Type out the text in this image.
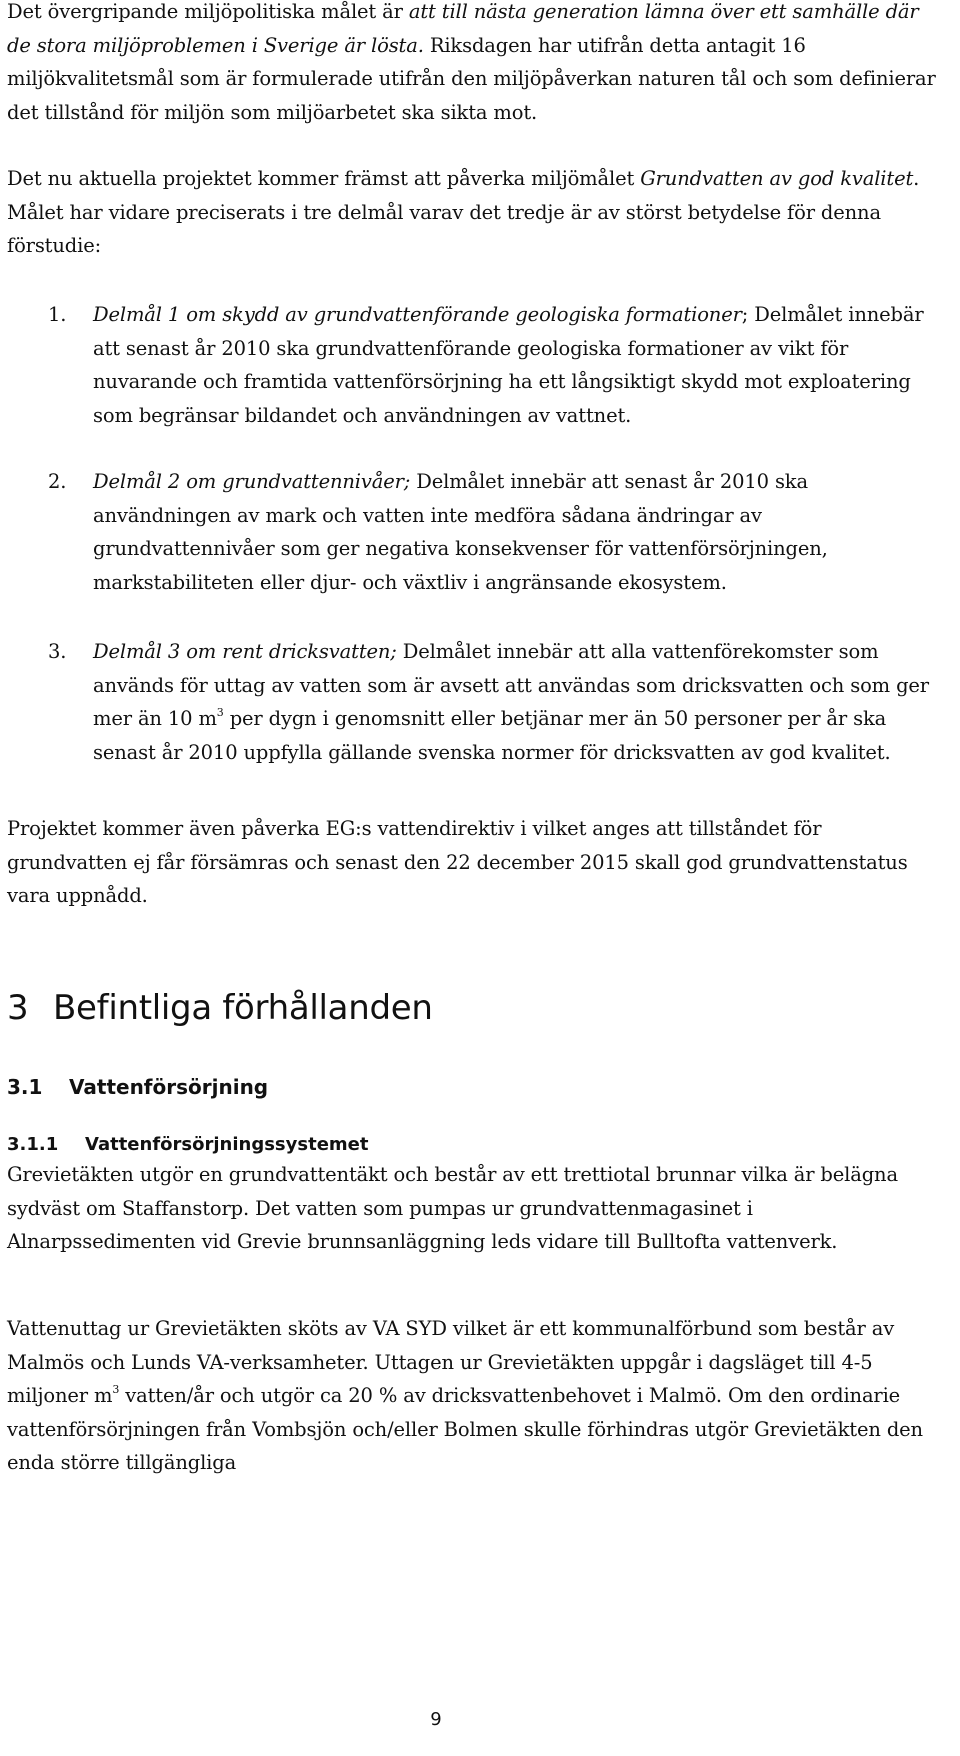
Det övergripande miljöpolitiska målet är att till nästa generation lämna över ett samhälle där de stora miljöproblemen i Sverige är lösta. Riksdagen har utifrån detta antagit 16 miljökvalitetsmål som är formulerade utifrån den miljöpåverkan naturen tål och som definierar det tillstånd för miljön som miljöarbetet ska sikta mot.

Det nu aktuella projektet kommer främst att påverka miljömålet Grundvatten av god kvalitet. Målet har vidare preciserats i tre delmål varav det tredje är av störst betydelse för denna förstudie:

1. Delmål 1 om skydd av grundvattenförande geologiska formationer; Delmålet innebär att senast år 2010 ska grundvattenförande geologiska formationer av vikt för nuvarande och framtida vattenförsörjning ha ett långsiktigt skydd mot exploatering som begränsar bildandet och användningen av vattnet.
2. Delmål 2 om grundvattennivåer; Delmålet innebär att senast år 2010 ska användningen av mark och vatten inte medföra sådana ändringar av grundvattennivåer som ger negativa konsekvenser för vattenförsörjningen, markstabiliteten eller djur- och växtliv i angränsande ekosystem.
3. Delmål 3 om rent dricksvatten; Delmålet innebär att alla vattenförekomster som används för uttag av vatten som är avsett att användas som dricksvatten och som ger mer än 10 $m^3$ per dygn i genomsnitt eller betjänar mer än 50 personer per år ska senast år 2010 uppfylla gällande svenska normer för dricksvatten av god kvalitet.

Projektet kommer även påverka EG:s vattendirektiv i vilket anges att tillståndet för grundvatten ej får försämras och senast den 22 december 2015 skall god grundvattenstatus vara uppnådd.

3 Befintliga förhållanden
3.1 Vattenförsörjning
3.1.1 Vattenförsörjningssystemet

Grevietäkten utgör en grundvattentäkt och består av ett trettiotal brunnar vilka är belägna sydväst om Staffanstorp. Det vatten som pumpas ur grundvattenmagasinet i Alnarpssedimenten vid Grevie brunnsanläggning leds vidare till Bulltofta vattenverk.

Vattenuttag ur Grevietäkten sköts av VA SYD vilket är ett kommunalförbund som består av Malmös och Lunds VA-verksamheter. Uttagen ur Grevietäkten uppgår i dagsläget till 4-5 miljoner $m^3$ vatten/år och utgör ca 20 % av dricksvattenbehovet i Malmö. Om den ordinarie vattenförsörjningen från Vombsjön och/eller Bolmen skulle förhindras utgör Grevietäkten den enda större tillgängliga

9
